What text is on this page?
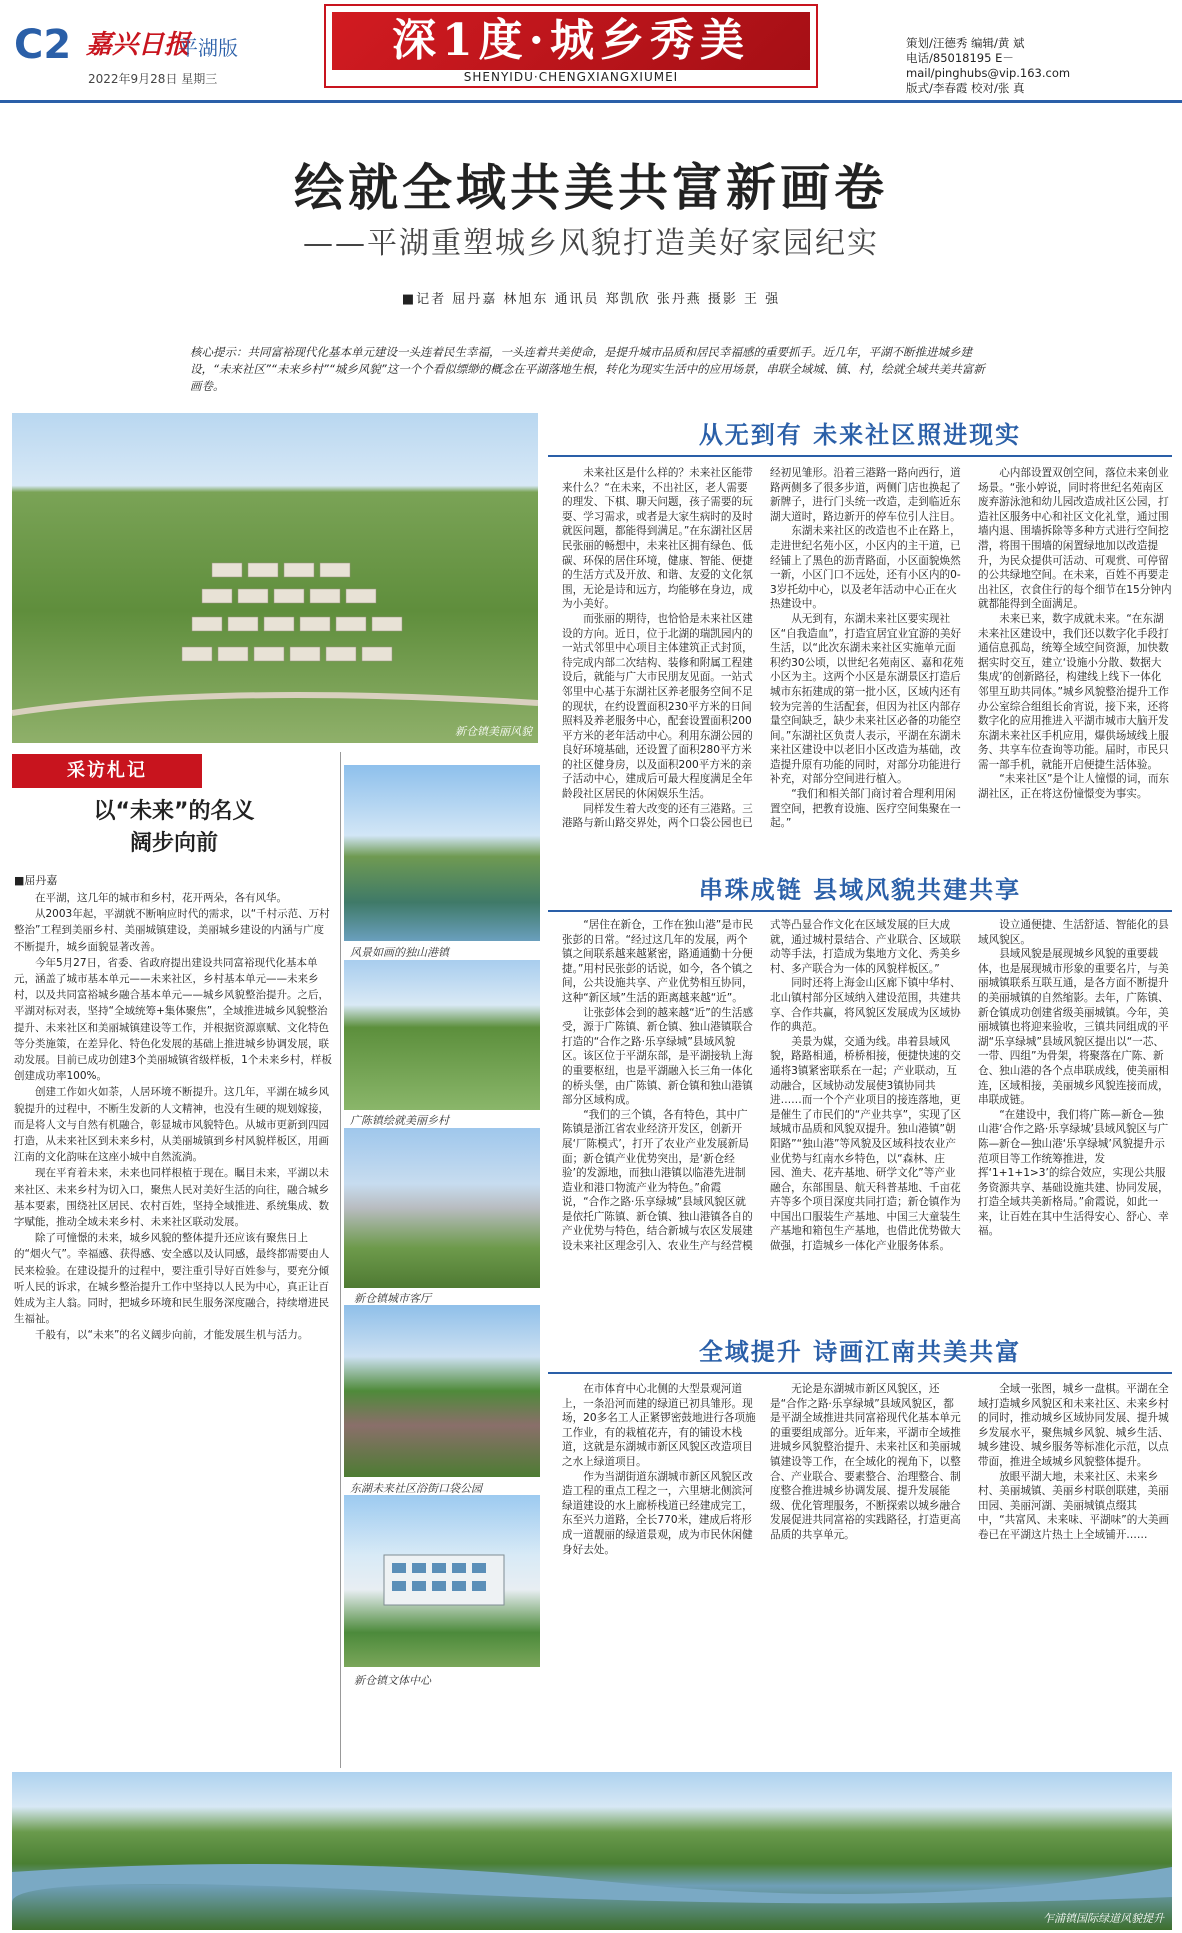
C2 嘉兴日报
平湖版
2022年9月28日 星期三
深1度·城乡秀美
SHENYIDU·CHENGXIANGXIUMEI
策划/汪德秀 编辑/黄 斌
电话/85018195 E－mail/pinghubs@vip.163.com
版式/李春霞 校对/张 真
绘就全域共美共富新画卷
——平湖重塑城乡风貌打造美好家园纪实
■记者 屈丹嘉 林旭东 通讯员 郑凯欣 张丹燕 摄影 王 强
核心提示：共同富裕现代化基本单元建设一头连着民生幸福，一头连着共美使命，是提升城市品质和居民幸福感的重要抓手。近几年，平湖不断推进城乡建设，“未来社区”“未来乡村”“城乡风貌”这一个个看似缥缈的概念在平湖落地生根，转化为现实生活中的应用场景，串联全域城、镇、村，绘就全域共美共富新画卷。
新仓镇美丽风貌
风景如画的独山港镇
广陈镇绘就美丽乡村
新仓镇城市客厅
东湖未来社区浴街口袋公园
新仓镇文体中心
乍浦镇国际绿道风貌提升
采访札记
以“未来”的名义
阔步向前
■屈丹嘉

在平湖，这几年的城市和乡村，花开两朵，各有风华。

从2003年起，平湖就不断响应时代的需求，以“千村示范、万村整治”工程到美丽乡村、美丽城镇建设，美丽城乡建设的内涵与广度不断提升，城乡面貌显著改善。

今年5月27日，省委、省政府提出建设共同富裕现代化基本单元，涵盖了城市基本单元——未来社区，乡村基本单元——未来乡村，以及共同富裕城乡融合基本单元——城乡风貌整治提升。之后，平湖对标对表，坚持“全域统筹+集体聚焦”，全域推进城乡风貌整治提升、未来社区和美丽城镇建设等工作，并根据资源禀赋、文化特色等分类施策，在差异化、特色化发展的基础上推进城乡协调发展，联动发展。目前已成功创建3个美丽城镇省级样板，1个未来乡村，样板创建成功率100%。

创建工作如火如荼，人居环境不断提升。这几年，平湖在城乡风貌提升的过程中，不断生发新的人文精神，也没有生硬的规划嫁接，而是将人文与自然有机融合，彰显城市风貌特色。从城市更新到四园打造，从未来社区到未来乡村，从美丽城镇到乡村风貌样板区，用画江南的文化韵味在这座小城中自然流淌。

现在平育着未来，未来也同样根植于现在。瞩目未来，平湖以未来社区、未来乡村为切入口，聚焦人民对美好生活的向往，融合城乡基本要素，围绕社区居民、农村百姓，坚持全域推进、系统集成、数字赋能，推动全域未来乡村、未来社区联动发展。

除了可憧憬的未来，城乡风貌的整体提升还应该有聚焦日上的“烟火气”。幸福感、获得感、安全感以及认同感，最终都需要由人民来检验。在建设提升的过程中，要注重引导好百姓参与，要充分倾听人民的诉求，在城乡整治提升工作中坚持以人民为中心，真正让百姓成为主人翁。同时，把城乡环境和民生服务深度融合，持续增进民生福祉。

千般有，以“未来”的名义阔步向前，才能发展生机与活力。

从无到有 未来社区照进现实

未来社区是什么样的？未来社区能带来什么？“在未来，不出社区，老人需要的理发、下棋、聊天问题，孩子需要的玩耍、学习需求，或者是大家生病时的及时就医问题，都能得到满足。”在东湖社区居民张丽的畅想中，未来社区拥有绿色、低碳、环保的居住环境，健康、智能、便捷的生活方式及开放、和谐、友爱的文化氛围，无论是诗和远方，均能够在身边，成为小美好。

而张丽的期待，也恰恰是未来社区建设的方向。近日，位于北湖的瑞凯园内的一站式邻里中心项目主体建筑正式封顶，待完成内部二次结构、装修和附属工程建设后，就能与广大市民朋友见面。一站式邻里中心基于东湖社区养老服务空间不足的现状，在约设置面积230平方米的日间照料及养老服务中心，配套设置面积200平方米的老年活动中心。利用东湖公园的良好环境基础，还设置了面积280平方米的社区健身房，以及面积200平方米的亲子活动中心，建成后可最大程度满足全年龄段社区居民的休闲娱乐生活。

同样发生着大改变的还有三港路。三港路与新山路交界处，两个口袋公园也已经初见雏形。沿着三港路一路向西行，道路两侧多了很多步道，两侧门店也换起了新牌子，进行门头统一改造，走到临近东湖大道时，路边新开的停车位引人注目。

东湖未来社区的改造也不止在路上，走进世纪名苑小区，小区内的主干道，已经铺上了黑色的沥青路面，小区面貌焕然一新，小区门口不远处，还有小区内的0-3岁托幼中心，以及老年活动中心正在火热建设中。

从无到有，东湖未来社区要实现社区“自我造血”，打造宜居宜业宜游的美好生活，以“此次东湖未来社区实施单元面积约30公顷，以世纪名苑南区、嘉和花苑小区为主。这两个小区是东湖景区打造后城市东拓建成的第一批小区，区域内还有较为完善的生活配套，但因为社区内部存量空间缺乏，缺少未来社区必备的功能空间。”东湖社区负责人表示，平湖在东湖未来社区建设中以老旧小区改造为基础，改造提升原有功能的同时，对部分功能进行补充，对部分空间进行植入。

“我们和相关部门商讨着合理利用闲置空间，把教育设施、医疗空间集聚在一起。”

心内部设置双创空间，落位未来创业场景。“张小婷说，同时将世纪名苑南区废弃游泳池和幼儿园改造成社区公园，打造社区服务中心和社区文化礼堂，通过围墙内退、围墙拆除等多种方式进行空间挖潜，将围干围墙的闲置绿地加以改造提升，为民众提供可活动、可观赏、可停留的公共绿地空间。在未来，百姓不再要走出社区，衣食住行的每个细节在15分钟内就都能得到全面满足。

未来已来，数字成就未来。“在东湖未来社区建设中，我们还以数字化手段打通信息孤岛，统筹全域空间资源，加快数据实时交互，建立‘设施小分散、数据大集成’的创新路径，构建线上线下一体化邻里互助共同体。”城乡风貌整治提升工作办公室综合组组长俞宵说，接下来，还将数字化的应用推进入平湖市城市大脑开发东湖未来社区手机应用，爆供场域线上服务、共享车位查询等功能。届时，市民只需一部手机，就能开启便捷生活体验。

“未来社区”是个让人憧憬的词，而东湖社区，正在将这份憧憬变为事实。

串珠成链 县域风貌共建共享

“居住在新仓，工作在独山港”是市民张彭的日常。“经过这几年的发展，两个镇之间联系越来越紧密，路通通勤十分便捷。”用村民张彭的话说，如今，各个镇之间，公共设施共享、产业优势相互协同，这种“新区域”生活的距离越来越“近”。

让张彭体会到的越来越“近”的生活感受，源于广陈镇、新仓镇、独山港镇联合打造的“合作之路·乐享绿城”县域风貌区。该区位于平湖东部，是平湖接轨上海的重要枢纽，也是平湖融入长三角一体化的桥头堡，由广陈镇、新仓镇和独山港镇部分区域构成。

“我们的三个镇，各有特色，其中广陈镇是浙江省农业经济开发区，创新开展‘厂陈模式’，打开了农业产业发展新局面；新仓镇产业优势突出，是‘新仓经验’的发源地，而独山港镇以临港先进制造业和港口物流产业为特色。”俞霞说，“合作之路·乐享绿城”县域风貌区就是依托广陈镇、新仓镇、独山港镇各自的产业优势与特色，结合新城与农区发展建设未来社区理念引入、农业生产与经营模式等凸显合作文化在区域发展的巨大成就，通过城村景结合、产业联合、区域联动等手法，打造成为集地方文化、秀美乡村、多产联合为一体的风貌样板区。”

同时还将上海金山区廊下镇中华村、北山镇村部分区域纳入建设范围，共建共享、合作共赢，将风貌区发展成为区域协作的典范。

美景为媒，交通为线。串着县域风貌，路路相通，桥桥相接，便捷快速的交通将3镇紧密联系在一起；产业联动，互动融合，区域协动发展使3镇协同共进……而一个个产业项目的接连落地，更是催生了市民们的“产业共享”，实现了区域城市品质和风貌双提升。独山港镇”朝阳路”“独山港”等风貌及区域科技农业产业优势与红南水乡特色，以“森林、庄园、渔夫、花卉基地、研学文化”等产业融合，东部围垦、航天科普基地、千亩花卉等多个项目深度共同打造；新仓镇作为中国出口服装生产基地、中国三大童装生产基地和箱包生产基地，也借此优势做大做强，打造城乡一体化产业服务体系。

设立通便捷、生活舒适、智能化的县域风貌区。

县域风貌是展现城乡风貌的重要载体，也是展现城市形象的重要名片，与美丽城镇联系互联互通，是各方面不断提升的美丽城镇的自然缩影。去年，广陈镇、新仓镇成功创建省级美丽城镇。今年，美丽城镇也将迎来验收，三镇共同组成的平湖“乐享绿城”县域风貌区提出以“一芯、一带、四组”为骨架，将聚落在广陈、新仓、独山港的各个点串联成线，使美丽相连，区域相接，美丽城乡风貌连接而成，串联成链。

“在建设中，我们将广陈—新仓—独山港‘合作之路·乐享绿城’县域风貌区与广陈—新仓—独山港‘乐享绿城’风貌提升示范项目等工作统筹推进，发挥‘1+1+1>3’的综合效应，实现公共服务资源共享、基础设施共建、协同发展，打造全域共美新格局。”俞霞说，如此一来，让百姓在其中生活得安心、舒心、幸福。

全域提升 诗画江南共美共富

在市体育中心北侧的大型景观河道上，一条沿河而建的绿道已初具雏形。现场，20多名工人正紧锣密鼓地进行各项施工作业，有的栽植花卉，有的铺设木栈道，这就是东湖城市新区风貌区改造项目之水上绿道项目。

作为当湖街道东湖城市新区风貌区改造工程的重点工程之一，六里塘北侧滨河绿道建设的水上廊桥栈道已经建成完工，东至兴力道路，全长770米，建成后将形成一道靓丽的绿道景观，成为市民休闲健身好去处。

无论是东湖城市新区风貌区，还是“合作之路·乐享绿城”县域风貌区，都是平湖全域推进共同富裕现代化基本单元的重要组成部分。近年来，平湖市全域推进城乡风貌整治提升、未来社区和美丽城镇建设等工作，在全域化的视角下，以整合、产业联合、要素整合、治理整合、制度整合推进城乡协调发展、提升发展能级、优化管理服务，不断探索以城乡融合发展促进共同富裕的实践路径，打造更高品质的共享单元。

全域一张图，城乡一盘棋。平湖在全域打造城乡风貌区和未来社区、未来乡村的同时，推动城乡区域协同发展、提升城乡发展水平，聚焦城乡风貌、城乡生活、城乡建设、城乡服务等标准化示范，以点带面，推进全域城乡风貌整体提升。

放眼平湖大地，未来社区、未来乡村、美丽城镇、美丽乡村联创联建，美丽田园、美丽河湖、美丽城镇点缀其中，“共富风、未来味、平湖味”的大美画卷已在平湖这片热土上全域铺开……
